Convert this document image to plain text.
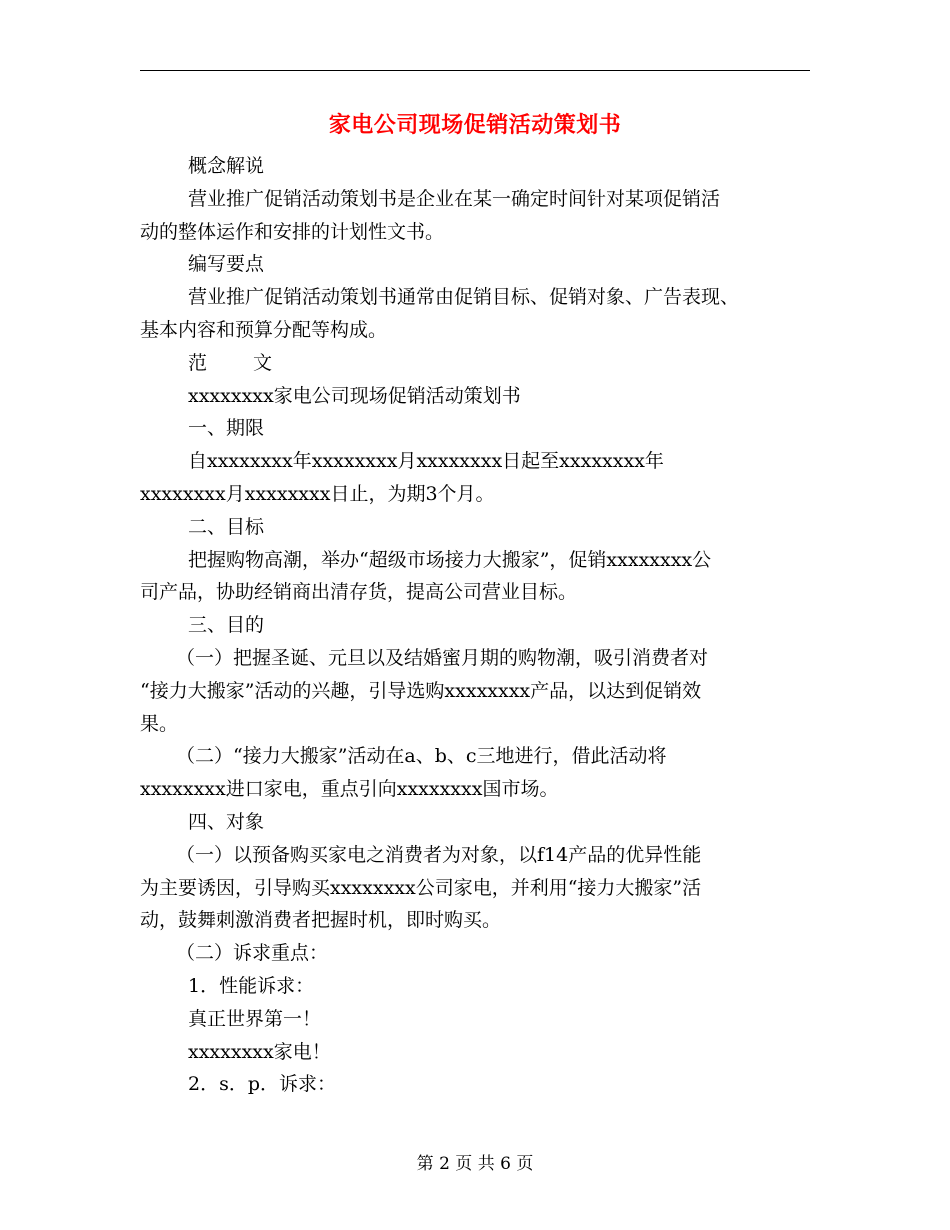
家电公司现场促销活动策划书

概念解说

营业推广促销活动策划书是企业在某一确定时间针对某项促销活

动的整体运作和安排的计划性文书。

编写要点

营业推广促销活动策划书通常由促销目标、促销对象、广告表现、

基本内容和预算分配等构成。

范 文

xxxxxxxx家电公司现场促销活动策划书

一、期限

自xxxxxxxx年xxxxxxxx月xxxxxxxx日起至xxxxxxxx年

xxxxxxxx月xxxxxxxx日止，为期3个月。

二、目标

把握购物高潮，举办“超级市场接力大搬家”，促销xxxxxxxx公

司产品，协助经销商出清存货，提高公司营业目标。

三、目的

（一）把握圣诞、元旦以及结婚蜜月期的购物潮，吸引消费者对

“接力大搬家”活动的兴趣，引导选购xxxxxxxx产品，以达到促销效

果。

（二）“接力大搬家”活动在a、b、c三地进行，借此活动将

xxxxxxxx进口家电，重点引向xxxxxxxx国市场。

四、对象

（一）以预备购买家电之消费者为对象，以f14产品的优异性能

为主要诱因，引导购买xxxxxxxx公司家电，并利用“接力大搬家”活

动，鼓舞刺激消费者把握时机，即时购买。

（二）诉求重点：

1．性能诉求：

真正世界第一！

xxxxxxxx家电！

2．s．p．诉求：

第 2 页 共 6 页
